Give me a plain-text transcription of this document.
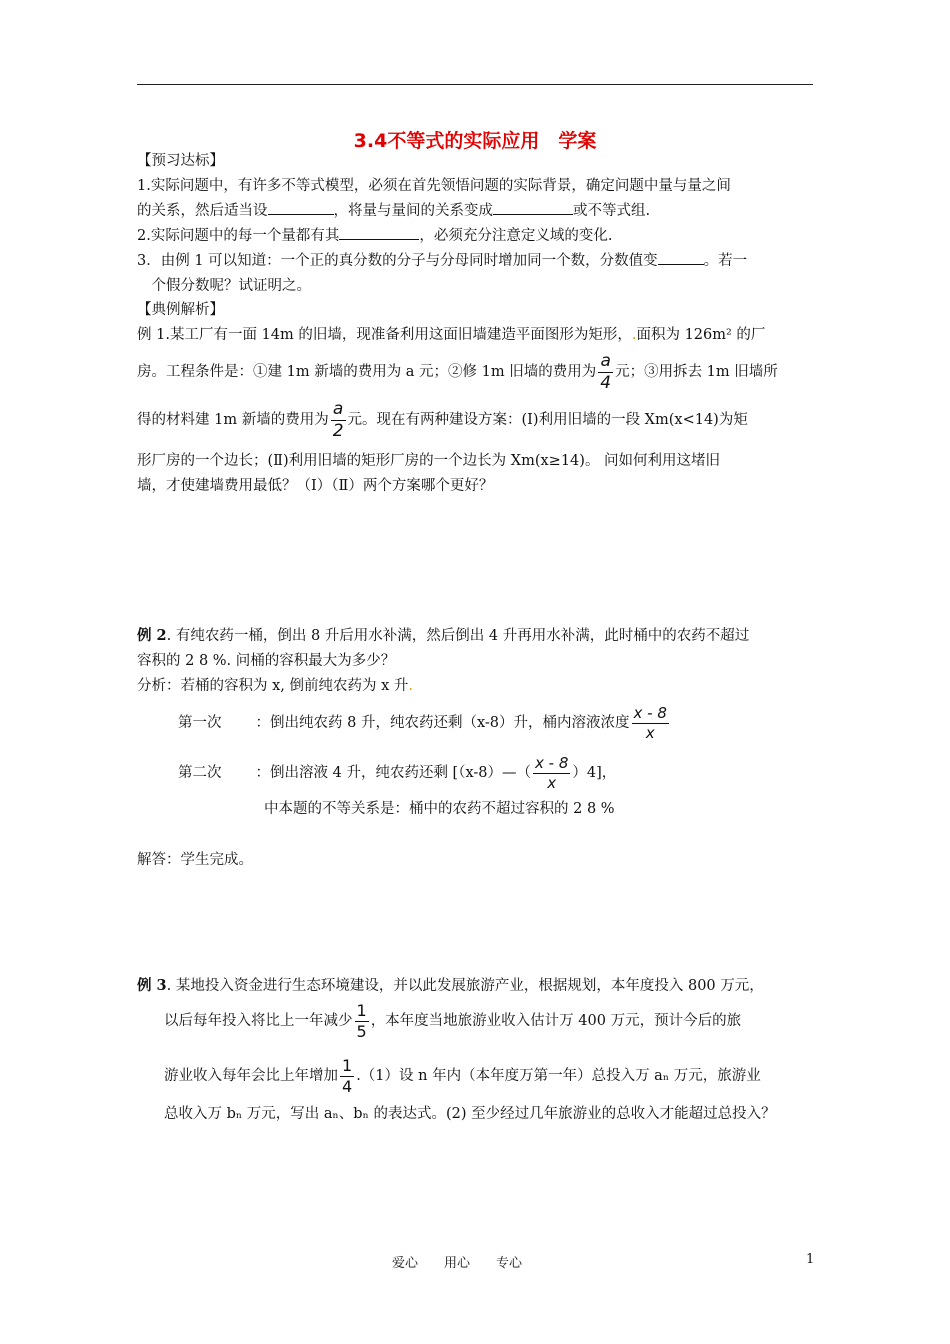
3.4不等式的实际应用　学案
【预习达标】
1.实际问题中，有许多不等式模型，必须在首先领悟问题的实际背景，确定问题中量与量之间
的关系，然后适当设	，将量与量间的关系变成	或不等式组.
2.实际问题中的每一个量都有其	，必须充分注意定义域的变化.
3．由例 1 可以知道：一个正的真分数的分子与分母同时增加同一个数，分数值变	。若一
　个假分数呢？试证明之。
【典例解析】
例 1.某工厂有一面 14m 的旧墙，现准备利用这面旧墙建造平面图形为矩形，.面积为 126m² 的厂
房。工程条件是：①建 1m 新墙的费用为 a 元；②修 1m 旧墙的费用为 $\frac{a}{4}$ 元；③用拆去 1m 旧墙所
得的材料建 1m 新墙的费用为 $\frac{a}{2}$ 元。现在有两种建设方案：(Ⅰ)利用旧墙的一段 Xm(x<14)为矩
形厂房的一个边长；(Ⅱ)利用旧墙的矩形厂房的一个边长为 Xm(x≥14)。 问如何利用这堵旧
墙，才使建墙费用最低？（Ⅰ）（Ⅱ）两个方案哪个更好？
例 2. 有纯农药一桶，倒出 8 升后用水补满，然后倒出 4 升再用水补满，此时桶中的农药不超过
容积的 2 8 %. 问桶的容积最大为多少？
分析：若桶的容积为 x, 倒前纯农药为 x 升.
第一次 ：倒出纯农药 8 升，纯农药还剩（x-8）升，桶内溶液浓度 $\frac{x - 8}{x}$
第二次 ：倒出溶液 4 升，纯农药还剩 [（x-8）—（ $\frac{x - 8}{x} )4$]，
中本题的不等关系是：桶中的农药不超过容积的 2 8 %
解答：学生完成。
例 3. 某地投入资金进行生态环境建设，并以此发展旅游产业，根据规划，本年度投入 800 万元，
以后每年投入将比上一年减少 $\frac{1}{5}$ ，本年度当地旅游业收入估计万 400 万元，预计今后的旅
游业收入每年会比上年增加 $\frac{1}{4} .(1)$设 n 年内（本年度万第一年）总投入万 aₙ 万元，旅游业
总收入万 bₙ 万元，写出 aₙ、bₙ 的表达式。(2) 至少经过几年旅游业的总收入才能超过总投入？
爱心　　用心　　专心	1
